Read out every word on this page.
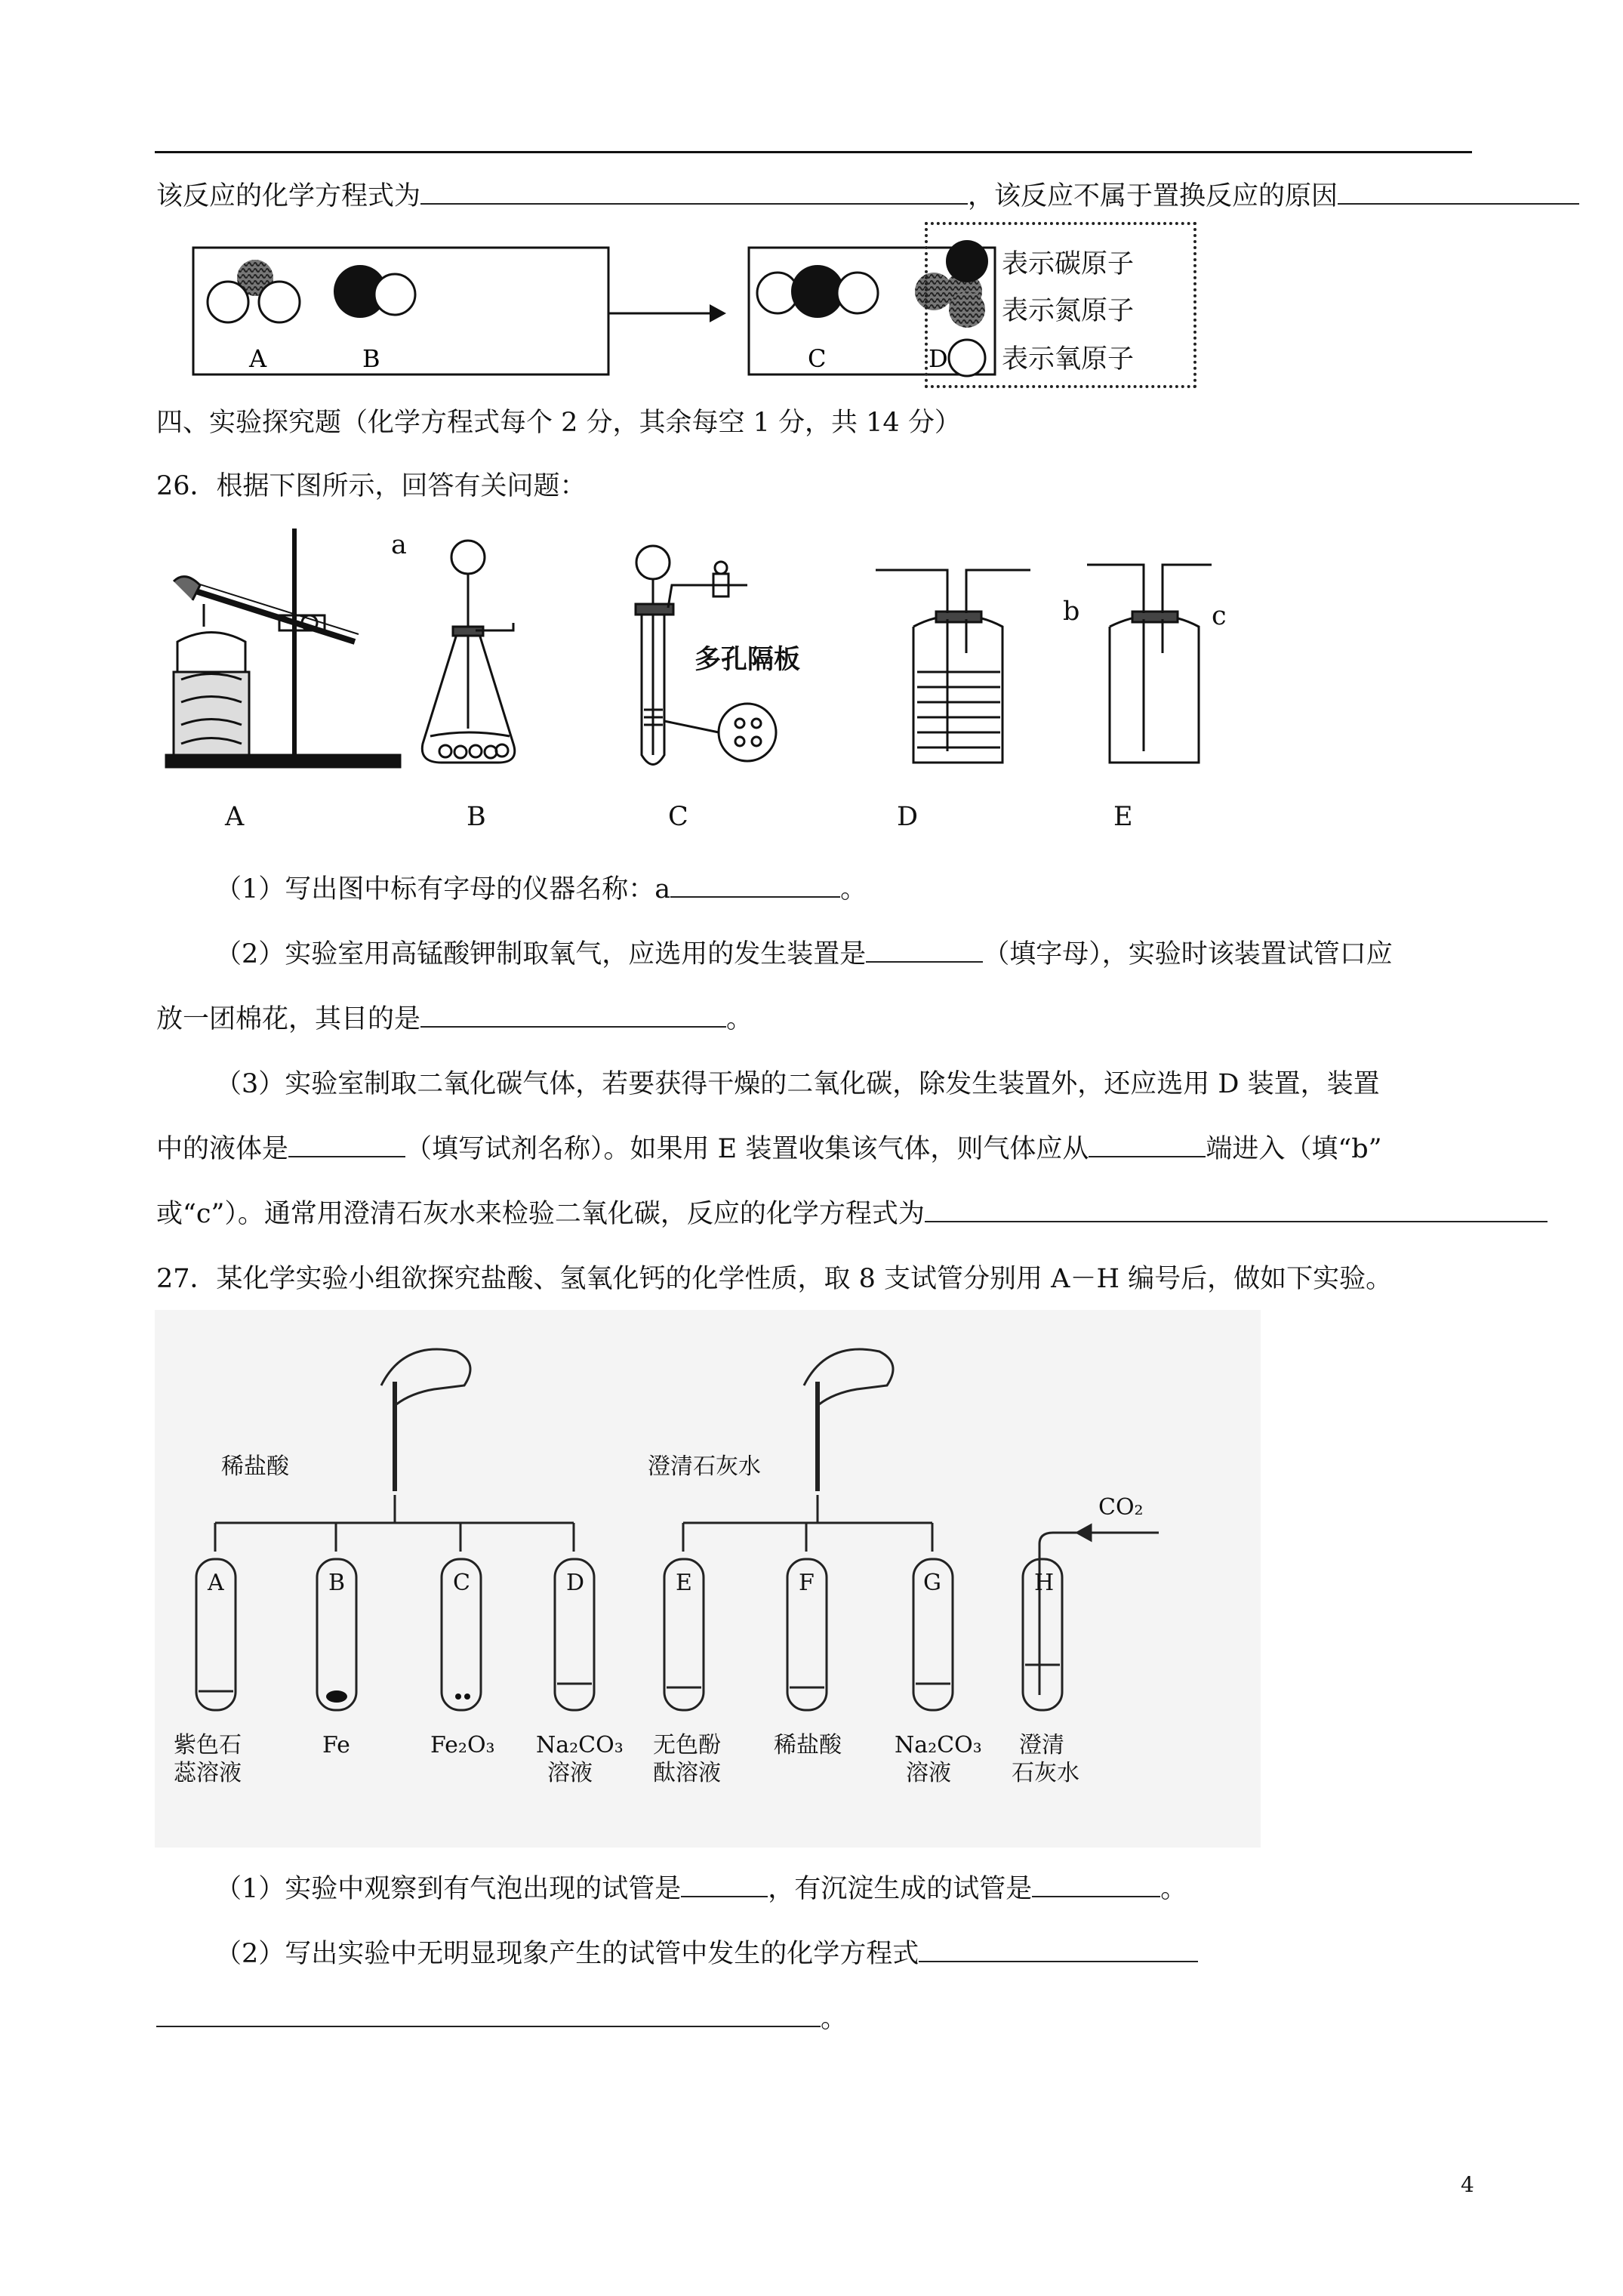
该反应的化学方程式为	，该反应不属于置换反应的原因
A	B	C	D
表示碳原子
表示氮原子
表示氧原子
四、实验探究题（化学方程式每个 2 分，其余每空 1 分，共 14 分）
26．根据下图所示，回答有关问题：
a
b	c
多孔隔板
A	B	C	D	E
（1）写出图中标有字母的仪器名称：a	。
（2）实验室用高锰酸钾制取氧气，应选用的发生装置是	（填字母），实验时该装置试管口应
放一团棉花，其目的是	。
（3）实验室制取二氧化碳气体，若要获得干燥的二氧化碳，除发生装置外，还应选用 D 装置，装置
中的液体是	（填写试剂名称）。如果用 E 装置收集该气体，则气体应从	端进入（填“b”
或“c”）。通常用澄清石灰水来检验二氧化碳，反应的化学方程式为
27．某化学实验小组欲探究盐酸、氢氧化钙的化学性质，取 8 支试管分别用 A－H 编号后，做如下实验。
稀盐酸	澄清石灰水
CO₂
A	B	C	D	E	F	G	H
紫色石
蕊溶液
Fe	Fe₂O₃ Na₂CO₃
溶液
无色酚
酞溶液
稀盐酸 Na₂CO₃
溶液
澄清
石灰水
（1）实验中观察到有气泡出现的试管是	，有沉淀生成的试管是	。
（2）写出实验中无明显现象产生的试管中发生的化学方程式
。
4
